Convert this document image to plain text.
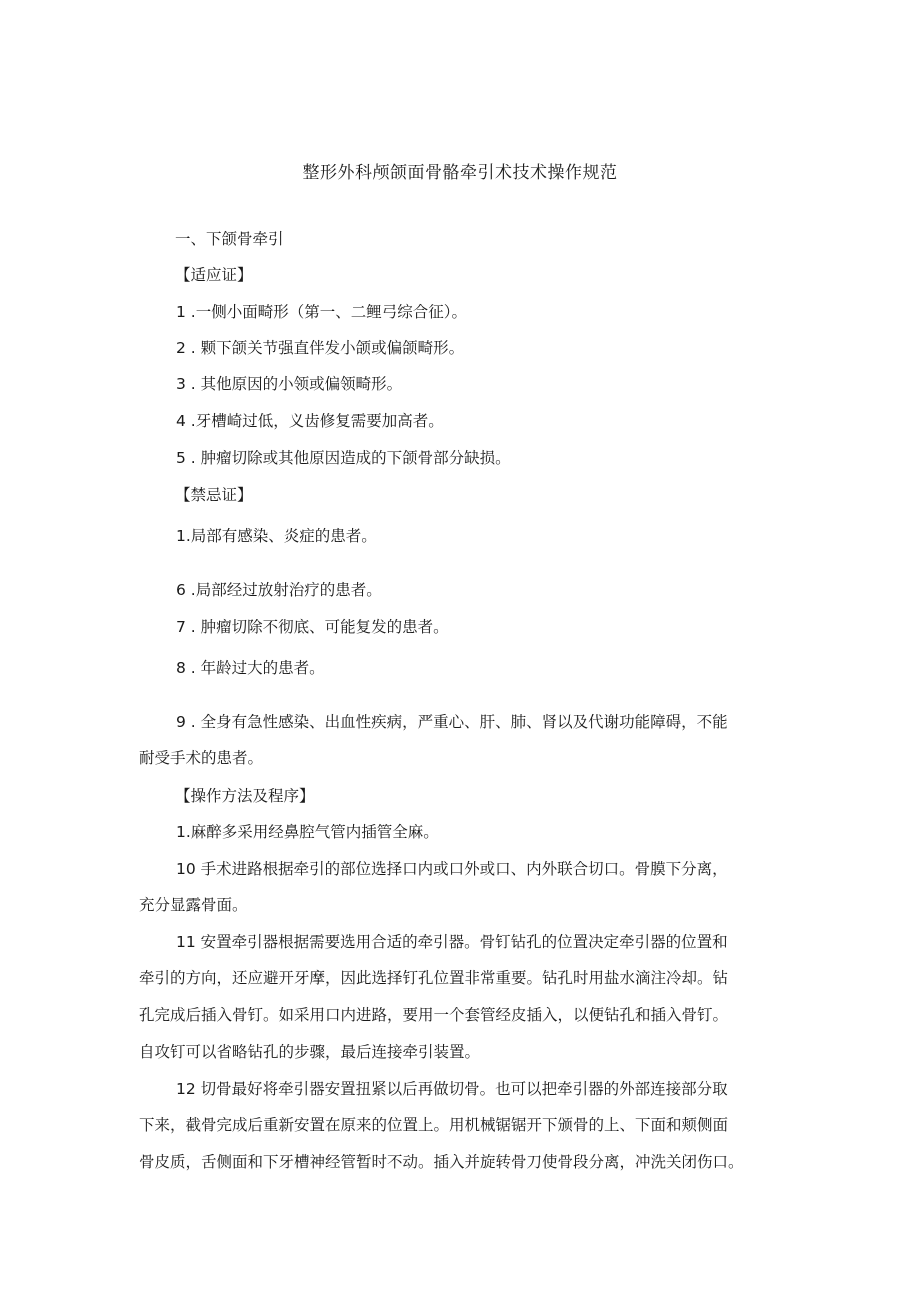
整形外科颅颌面骨骼牵引术技术操作规范

一、下颌骨牵引

【适应证】

1 .一侧小面畸形（第一、二鲤弓综合征）。

2 . 颗下颌关节强直伴发小颌或偏颌畸形。

3 . 其他原因的小领或偏领畸形。

4 .牙槽崎过低，义齿修复需要加高者。

5 . 肿瘤切除或其他原因造成的下颌骨部分缺损。

【禁忌证】

1.局部有感染、炎症的患者。

6 .局部经过放射治疗的患者。

7 . 肿瘤切除不彻底、可能复发的患者。

8 . 年龄过大的患者。

9 . 全身有急性感染、出血性疾病，严重心、肝、肺、肾以及代谢功能障碍，不能

耐受手术的患者。

【操作方法及程序】

1.麻醉多采用经鼻腔气管内插管全麻。

10 手术进路根据牵引的部位选择口内或口外或口、内外联合切口。骨膜下分离，

充分显露骨面。

11 安置牵引器根据需要选用合适的牵引器。骨钉钻孔的位置决定牵引器的位置和

牵引的方向，还应避开牙摩，因此选择钉孔位置非常重要。钻孔时用盐水滴注冷却。钻

孔完成后插入骨钉。如采用口内进路，要用一个套管经皮插入，以便钻孔和插入骨钉。

自攻钉可以省略钻孔的步骤，最后连接牵引装置。

12 切骨最好将牵引器安置扭紧以后再做切骨。也可以把牵引器的外部连接部分取

下来，截骨完成后重新安置在原来的位置上。用机械锯锯开下颁骨的上、下面和颊侧面

骨皮质，舌侧面和下牙槽神经管暂时不动。插入并旋转骨刀使骨段分离，冲洗关闭伤口。
